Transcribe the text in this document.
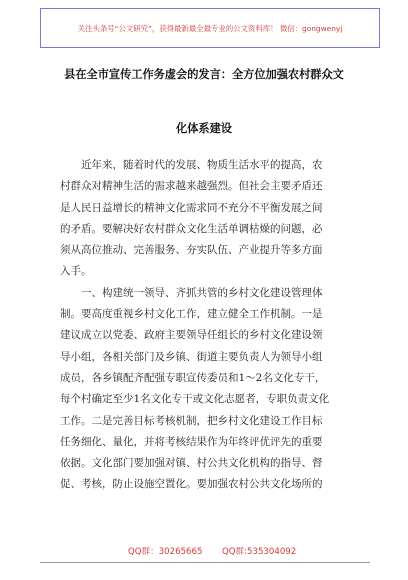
关注头条号“公文研究”，获得最新最全最专业的公文资料库！ 微信：gongwenyj
县在全市宣传工作务虚会的发言：全方位加强农村群众文
化体系建设
近年来，随着时代的发展、物质生活水平的提高，农
村群众对精神生活的需求越来越强烈。但社会主要矛盾还
是人民日益增长的精神文化需求同不充分不平衡发展之间
的矛盾。要解决好农村群众文化生活单调枯燥的问题，必
须从高位推动、完善服务、夯实队伍、产业提升等多方面
入手。
一、构建统一领导、齐抓共管的乡村文化建设管理体
制。要高度重视乡村文化工作，建立健全工作机制。一是
建议成立以党委、政府主要领导任组长的乡村文化建设领
导小组，各相关部门及乡镇、街道主要负责人为领导小组
成员，各乡镇配齐配强专职宣传委员和1～2名文化专干，
每个村确定至少1名文化专干或文化志愿者，专职负责文化
工作。二是完善目标考核机制，把乡村文化建设工作目标
任务细化、量化，并将考核结果作为年终评优评先的重要
依据。文化部门要加强对镇、村公共文化机构的指导、督
促、考核，防止设施空置化。要加强农村公共文化场所的
QQ群：30265665 QQ群:535304092
